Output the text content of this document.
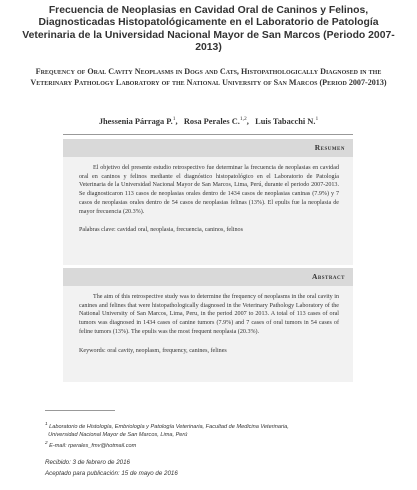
Frecuencia de Neoplasias en Cavidad Oral de Caninos y Felinos, Diagnosticadas Histopatológicamente en el Laboratorio de Patología Veterinaria de la Universidad Nacional Mayor de San Marcos (Periodo 2007- 2013)
Frequency of Oral Cavity Neoplasms in Dogs and Cats, Histopathologically Diagnosed in the Veterinary Pathology Laboratory of the National University of San Marcos (Period 2007-2013)
Jhessenia Párraga P.$^1$,   Rosa Perales C.$^{1,2}$,   Luis Tabacchi N.$^1$
Resumen

El objetivo del presente estudio retrospectivo fue determinar la frecuencia de neoplasias en cavidad oral en caninos y felinos mediante el diagnóstico histopatológico en el Laboratorio de Patología Veterinaria de la Universidad Nacional Mayor de San Marcos, Lima, Perú, durante el periodo 2007-2013. Se diagnosticaron 113 casos de neoplasias orales dentro de 1434 casos de neoplasias caninas (7.9%) y 7 casos de neoplasias orales dentro de 54 casos de neoplasias felinas (13%). El epulis fue la neoplasia de mayor frecuencia (20.3%).

Palabras clave: cavidad oral, neoplasia, frecuencia, caninos, felinos

Abstract

The aim of this retrospective study was to determine the frequency of neoplasms in the oral cavity in canines and felines that were histopathologically diagnosed in the Veterinary Pathology Laboratory of the National University of San Marcos, Lima, Peru, in the period 2007 to 2013. A total of 113 cases of oral tumors was diagnosed in 1434 cases of canine tumors (7.9%) and 7 cases of oral tumors in 54 cases of feline tumors (13%). The epulis was the most frequent neoplasia (20.3%).

Keywords: oral cavity, neoplasm, frequency, canines, felines

$^1$ Laboratorio de Histología, Embriología y Patología Veterinaria, Facultad de Medicina Veterinaria,
Universidad Nacional Mayor de San Marcos, Lima, Perú
$^2$ E-mail: rperales_fmv@hotmail.com
Recibido: 3 de febrero de 2016
Aceptado para publicación: 15 de mayo de 2016
